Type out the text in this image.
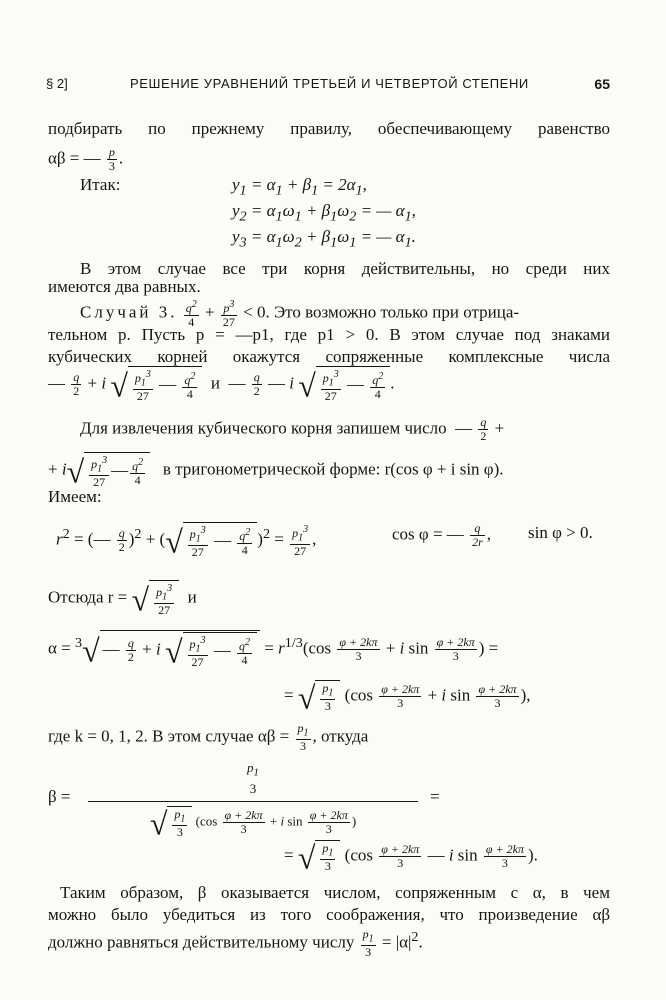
§ 2]	РЕШЕНИЕ УРАВНЕНИЙ ТРЕТЬЕЙ И ЧЕТВЕРТОЙ СТЕПЕНИ	65
подбирать по прежнему правилу, обеспечивающему равенство
αβ = — $\frac{p}{3}$ .
Итак:	$y_1 = \alpha_1 + \beta_1 = 2\alpha_1$,
$y_2 = \alpha_1\omega_1 + \beta_1\omega_2$ = — $\alpha_1$,
$y_3 = \alpha_1\omega_2 + \beta_1\omega_1$ = — $\alpha_1$.
В этом случае все три корня действительны, но среди них
имеются два равных.
Случай 3. $\frac{q^2}{4} + \frac{p^3}{27} < 0$. Это возможно только при отрица-
тельном p. Пусть p = —p1, где p1 > 0. В этом случае под знаками
кубических корней окажутся сопряженные комплексные числа
— $\frac{q}{2} + i$ √ $\frac{p_1^3}{27}$ — $\frac{q^2}{4}$ и  — $\frac{q}{2}$ — i √ $\frac{p_1^3}{27}$ — $\frac{q^2}{4}$ .
Для извлечения кубического корня запишем число  — $\frac{q}{2}$ +
+ $i√ \frac{p_1^3}{27}$ — $\frac{q^2}{4}$ в тригонометрической форме: r(cos φ + i sin φ).
Имеем:
$r^2$ = (— $\frac{q}{2} )^2$ + (√ $\frac{p_1^3}{27}$ — $\frac{q^2}{4} )^2 = \frac{p_1^3}{27}$ ,	cos φ = — $\frac{q}{2r}$ , sin φ > 0.
Отсюда r = √ $\frac{p_1^3}{27}$ и
α = $^3$√ — $\frac{q}{2} + i$ √ $\frac{p_1^3}{27}$ — $\frac{q^2}{4} = r^{1/3}(\cos \frac{\varphi + 2k\pi}{3} + i$ $\sin \frac{\varphi + 2k\pi}{3}$ ) =
= √ $\frac{p_1}{3} (\cos \frac{\varphi + 2k\pi}{3} + i$ $\sin \frac{\varphi + 2k\pi}{3}$ ),
где k = 0, 1, 2. В этом случае $\alpha\beta = \frac{p_1}{3}$ , откуда
β =
$p_1$
3
√ $\frac{p_1}{3} (\cos \frac{\varphi + 2k\pi}{3} + i$ $\sin \frac{\varphi + 2k\pi}{3}$ )
=
= √ $\frac{p_1}{3} (\cos \frac{\varphi + 2k\pi}{3}$ — i $\sin \frac{\varphi + 2k\pi}{3}$ ).
Таким образом, β оказывается числом, сопряженным с α, в чем
можно было убедиться из того соображения, что произведение αβ
должно равняться действительному числу $\frac{p_1}{3} = |\alpha|^2$.
